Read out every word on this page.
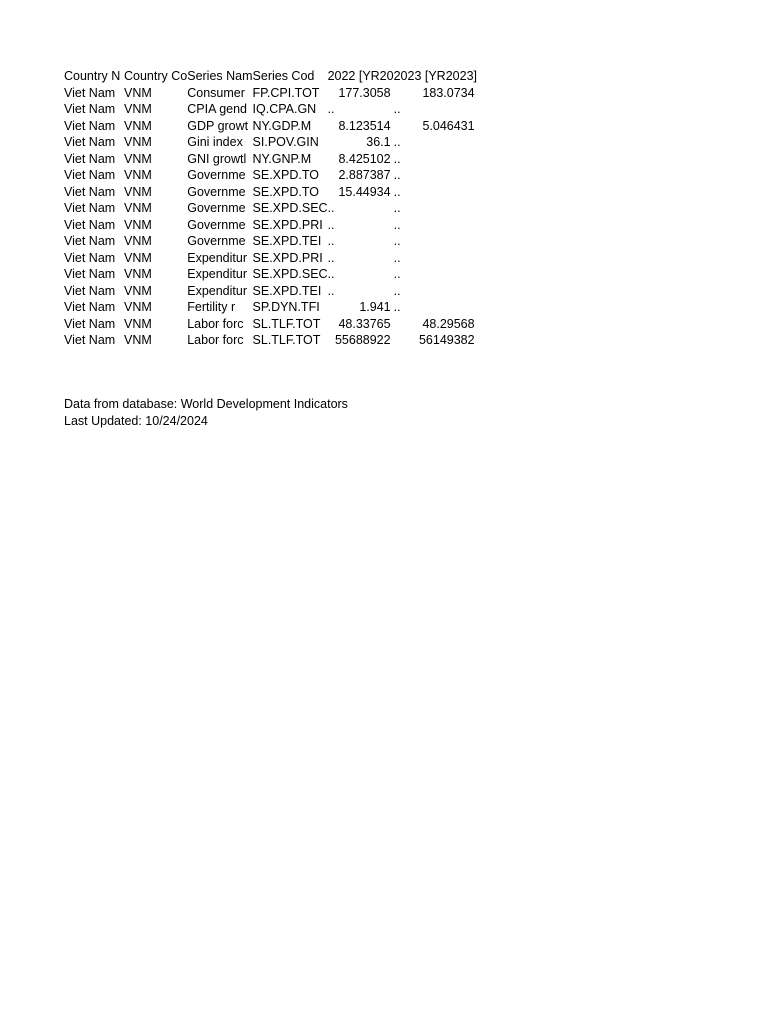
Country N	Country Co	Series Nam	Series Cod	2022 [YR20	2023 [YR2023]
Viet Nam	VNM	Consumer	FP.CPI.TOT	177.3058	183.0734
Viet Nam	VNM	CPIA gend	IQ.CPA.GN	..	..
Viet Nam	VNM	GDP growt	NY.GDP.M	8.123514	5.046431
Viet Nam	VNM	Gini index	SI.POV.GIN	36.1	..
Viet Nam	VNM	GNI growtl	NY.GNP.M	8.425102	..
Viet Nam	VNM	Governme	SE.XPD.TO	2.887387	..
Viet Nam	VNM	Governme	SE.XPD.TO	15.44934	..
Viet Nam	VNM	Governme	SE.XPD.SEC	..	..
Viet Nam	VNM	Governme	SE.XPD.PRI	..	..
Viet Nam	VNM	Governme	SE.XPD.TEI	..	..
Viet Nam	VNM	Expenditur	SE.XPD.PRI	..	..
Viet Nam	VNM	Expenditur	SE.XPD.SEC	..	..
Viet Nam	VNM	Expenditur	SE.XPD.TEI	..	..
Viet Nam	VNM	Fertility r	SP.DYN.TFI	1.941	..
Viet Nam	VNM	Labor forc	SL.TLF.TOT	48.33765	48.29568
Viet Nam	VNM	Labor forc	SL.TLF.TOT	55688922	56149382
Data from database: World Development Indicators
Last Updated: 10/24/2024
